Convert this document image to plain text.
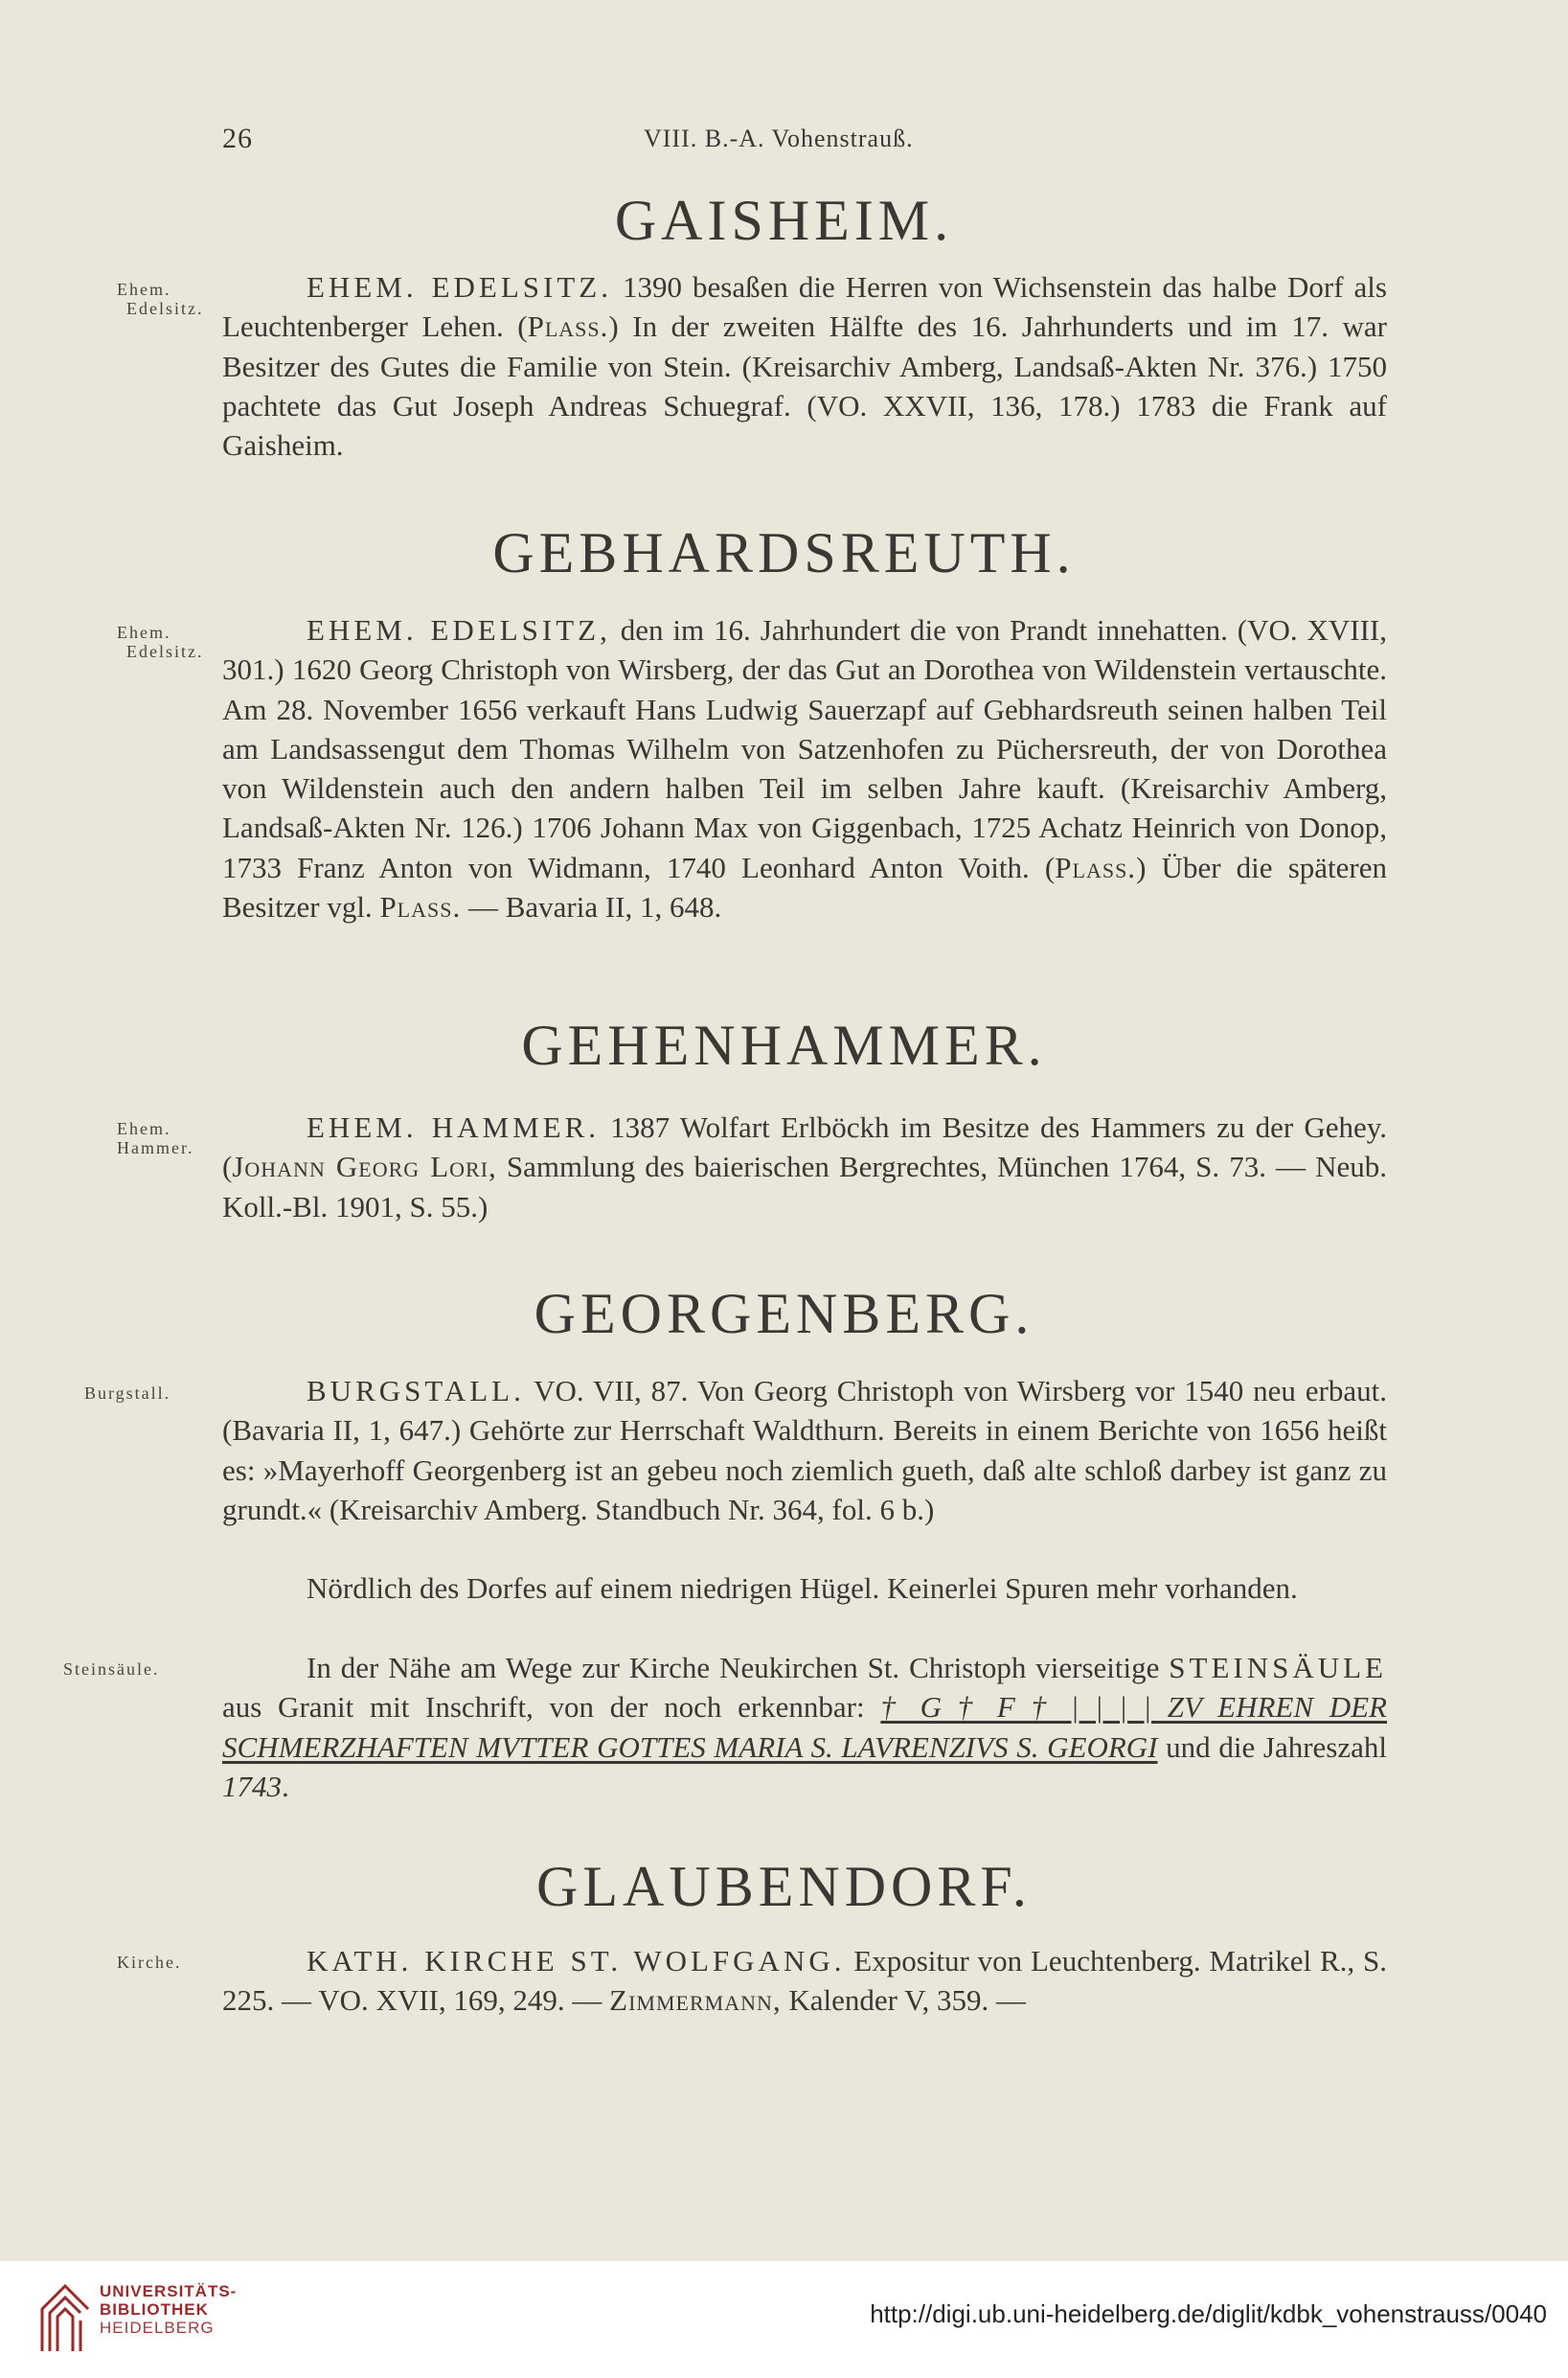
26	VIII. B.-A. Vohenstrauß.
GAISHEIM.
Ehem.
Edelsitz.

EHEM. EDELSITZ. 1390 besaßen die Herren von Wichsenstein das halbe Dorf als Leuchtenberger Lehen. (Plass.) In der zweiten Hälfte des 16. Jahrhunderts und im 17. war Besitzer des Gutes die Familie von Stein. (Kreisarchiv Amberg, Landsaß-Akten Nr. 376.) 1750 pachtete das Gut Joseph Andreas Schuegraf. (VO. XXVII, 136, 178.) 1783 die Frank auf Gaisheim.

GEBHARDSREUTH.
Ehem.
Edelsitz.

EHEM. EDELSITZ, den im 16. Jahrhundert die von Prandt innehatten. (VO. XVIII, 301.) 1620 Georg Christoph von Wirsberg, der das Gut an Dorothea von Wildenstein vertauschte. Am 28. November 1656 verkauft Hans Ludwig Sauerzapf auf Gebhardsreuth seinen halben Teil am Landsassengut dem Thomas Wilhelm von Satzenhofen zu Püchersreuth, der von Dorothea von Wildenstein auch den andern halben Teil im selben Jahre kauft. (Kreisarchiv Amberg, Landsaß-Akten Nr. 126.) 1706 Johann Max von Giggenbach, 1725 Achatz Heinrich von Donop, 1733 Franz Anton von Widmann, 1740 Leonhard Anton Voith. (Plass.) Über die späteren Besitzer vgl. Plass. — Bavaria II, 1, 648.

GEHENHAMMER.
Ehem.
Hammer.

EHEM. HAMMER. 1387 Wolfart Erlböckh im Besitze des Hammers zu der Gehey. (Johann Georg Lori, Sammlung des baierischen Bergrechtes, München 1764, S. 73. — Neub. Koll.-Bl. 1901, S. 55.)

GEORGENBERG.
Burgstall.	BURGSTALL. VO. VII, 87. Von Georg Christoph von Wirsberg vor 1540 neu erbaut. (Bavaria II, 1, 647.) Gehörte zur Herrschaft Waldthurn. Bereits in einem Berichte von 1656 heißt es: »Mayerhoff Georgenberg ist an gebeu noch ziemlich gueth, daß alte schloß darbey ist ganz zu grundt.« (Kreisarchiv Amberg. Standbuch Nr. 364, fol. 6 b.)

Nördlich des Dorfes auf einem niedrigen Hügel. Keinerlei Spuren mehr vorhanden.

Steinsäule.	In der Nähe am Wege zur Kirche Neukirchen St. Christoph vierseitige STEINSÄULE aus Granit mit Inschrift, von der noch erkennbar: † G † F † | | | | ZV EHREN DER SCHMERZHAFTEN MVTTER GOTTES MARIA S. LAVRENZIVS S. GEORGI und die Jahreszahl 1743.

GLAUBENDORF.
Kirche.	KATH. KIRCHE ST. WOLFGANG. Expositur von Leuchtenberg. Matrikel R., S. 225. — VO. XVII, 169, 249. — Zimmermann, Kalender V, 359. —

UNIVERSITÄTS-
BIBLIOTHEK
HEIDELBERG	http://digi.ub.uni-heidelberg.de/diglit/kdbk_vohenstrauss/0040
